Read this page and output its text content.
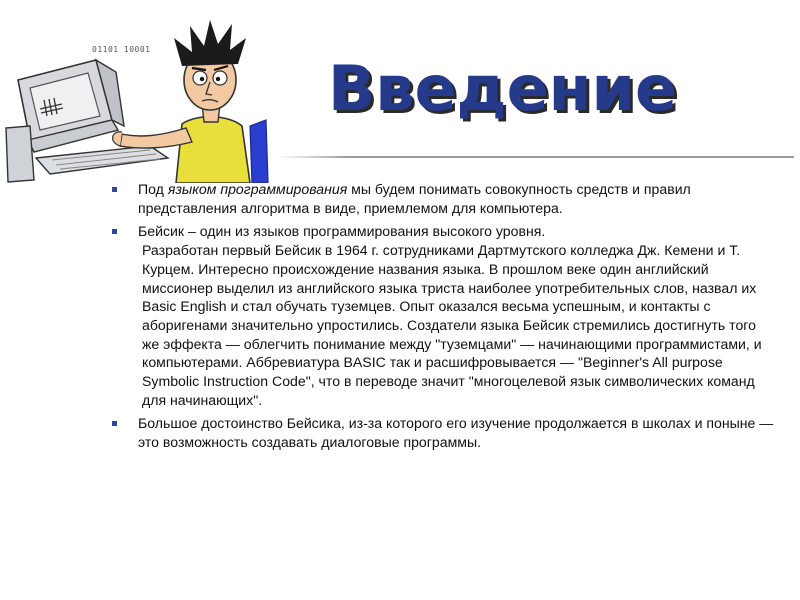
01101 10001
Введение
Под языком программирования мы будем понимать совокупность средств и правил представления алгоритма в виде, приемлемом для компьютера.
Бейсик – один из языков программирования высокого уровня.
Разработан первый Бейсик в 1964 г. сотрудниками Дартмутского колледжа Дж. Кемени и Т. Курцем. Интересно происхождение названия языка. В прошлом веке один английский миссионер выделил из английского языка триста наиболее употребительных слов, назвал их Basic English и стал обучать туземцев. Опыт оказался весьма успешным, и контакты с аборигенами значительно упростились. Создатели языка Бейсик стремились достигнуть того же эффекта — облегчить понимание между "туземцами" — начинающими программистами, и компьютерами. Аббревиатура BASIC так и расшифровывается — "Beginner's All purpose Symbolic Instruction Code", что в переводе значит "многоцелевой язык символических команд для начинающих".
Большое достоинство Бейсика, из-за которого его изучение продолжается в школах и поныне — это возможность создавать диалоговые программы.
